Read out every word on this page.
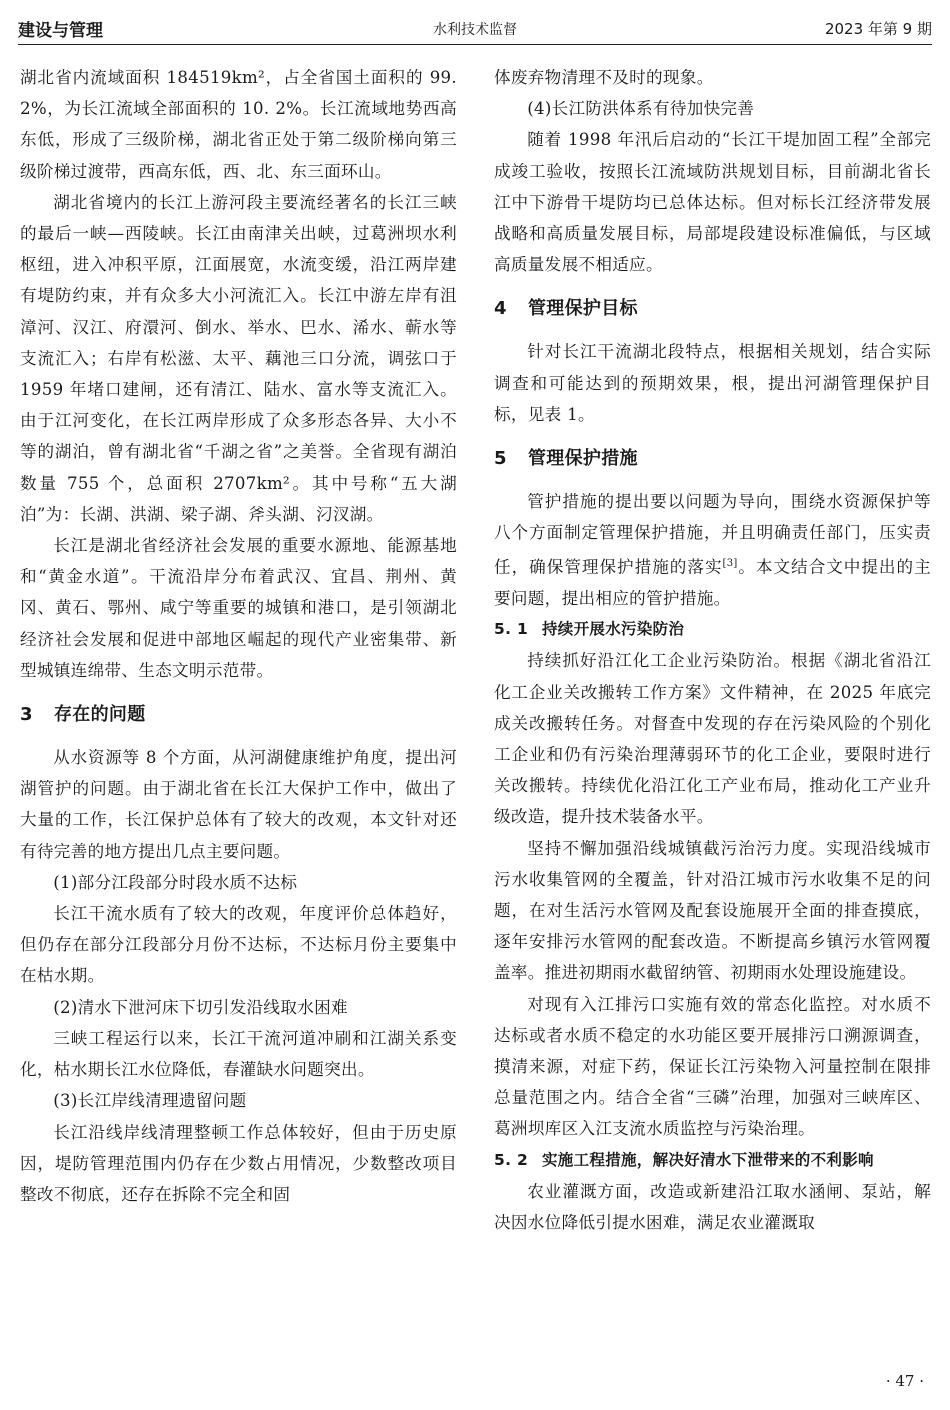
建设与管理	水利技术监督	2023 年第 9 期

湖北省内流域面积 184519km²，占全省国土面积的 99. 2%，为长江流域全部面积的 10. 2%。长江流域地势西高东低，形成了三级阶梯，湖北省正处于第二级阶梯向第三级阶梯过渡带，西高东低，西、北、东三面环山。

湖北省境内的长江上游河段主要流经著名的长江三峡的最后一峡—西陵峡。长江由南津关出峡，过葛洲坝水利枢纽，进入冲积平原，江面展宽，水流变缓，沿江两岸建有堤防约束，并有众多大小河流汇入。长江中游左岸有沮漳河、汉江、府澴河、倒水、举水、巴水、浠水、蕲水等支流汇入；右岸有松滋、太平、藕池三口分流，调弦口于 1959 年堵口建闸，还有清江、陆水、富水等支流汇入。由于江河变化，在长江两岸形成了众多形态各异、大小不等的湖泊，曾有湖北省“千湖之省”之美誉。全省现有湖泊数量 755 个，总面积 2707km²。其中号称“五大湖泊”为：长湖、洪湖、梁子湖、斧头湖、汈汊湖。

长江是湖北省经济社会发展的重要水源地、能源基地和“黄金水道”。干流沿岸分布着武汉、宜昌、荆州、黄冈、黄石、鄂州、咸宁等重要的城镇和港口，是引领湖北经济社会发展和促进中部地区崛起的现代产业密集带、新型城镇连绵带、生态文明示范带。

3 存在的问题

从水资源等 8 个方面，从河湖健康维护角度，提出河湖管护的问题。由于湖北省在长江大保护工作中，做出了大量的工作，长江保护总体有了较大的改观，本文针对还有待完善的地方提出几点主要问题。

(1)部分江段部分时段水质不达标

长江干流水质有了较大的改观，年度评价总体趋好，但仍存在部分江段部分月份不达标，不达标月份主要集中在枯水期。

(2)清水下泄河床下切引发沿线取水困难

三峡工程运行以来，长江干流河道冲刷和江湖关系变化，枯水期长江水位降低，春灌缺水问题突出。

(3)长江岸线清理遗留问题

长江沿线岸线清理整顿工作总体较好，但由于历史原因，堤防管理范围内仍存在少数占用情况，少数整改项目整改不彻底，还存在拆除不完全和固

体废弃物清理不及时的现象。

(4)长江防洪体系有待加快完善

随着 1998 年汛后启动的“长江干堤加固工程”全部完成竣工验收，按照长江流域防洪规划目标，目前湖北省长江中下游骨干堤防均已总体达标。但对标长江经济带发展战略和高质量发展目标，局部堤段建设标准偏低，与区域高质量发展不相适应。

4 管理保护目标

针对长江干流湖北段特点，根据相关规划，结合实际调查和可能达到的预期效果，根，提出河湖管理保护目标，见表 1。

5 管理保护措施

管护措施的提出要以问题为导向，围绕水资源保护等八个方面制定管理保护措施，并且明确责任部门，压实责任，确保管理保护措施的落实[3]。本文结合文中提出的主要问题，提出相应的管护措施。

5. 1 持续开展水污染防治

持续抓好沿江化工企业污染防治。根据《湖北省沿江化工企业关改搬转工作方案》文件精神，在 2025 年底完成关改搬转任务。对督查中发现的存在污染风险的个别化工企业和仍有污染治理薄弱环节的化工企业，要限时进行关改搬转。持续优化沿江化工产业布局，推动化工产业升级改造，提升技术装备水平。

坚持不懈加强沿线城镇截污治污力度。实现沿线城市污水收集管网的全覆盖，针对沿江城市污水收集不足的问题，在对生活污水管网及配套设施展开全面的排查摸底，逐年安排污水管网的配套改造。不断提高乡镇污水管网覆盖率。推进初期雨水截留纳管、初期雨水处理设施建设。

对现有入江排污口实施有效的常态化监控。对水质不达标或者水质不稳定的水功能区要开展排污口溯源调查，摸清来源，对症下药，保证长江污染物入河量控制在限排总量范围之内。结合全省“三磷”治理，加强对三峡库区、葛洲坝库区入江支流水质监控与污染治理。

5. 2 实施工程措施，解决好清水下泄带来的不利影响

农业灌溉方面，改造或新建沿江取水涵闸、泵站，解决因水位降低引提水困难，满足农业灌溉取

· 47 ·
